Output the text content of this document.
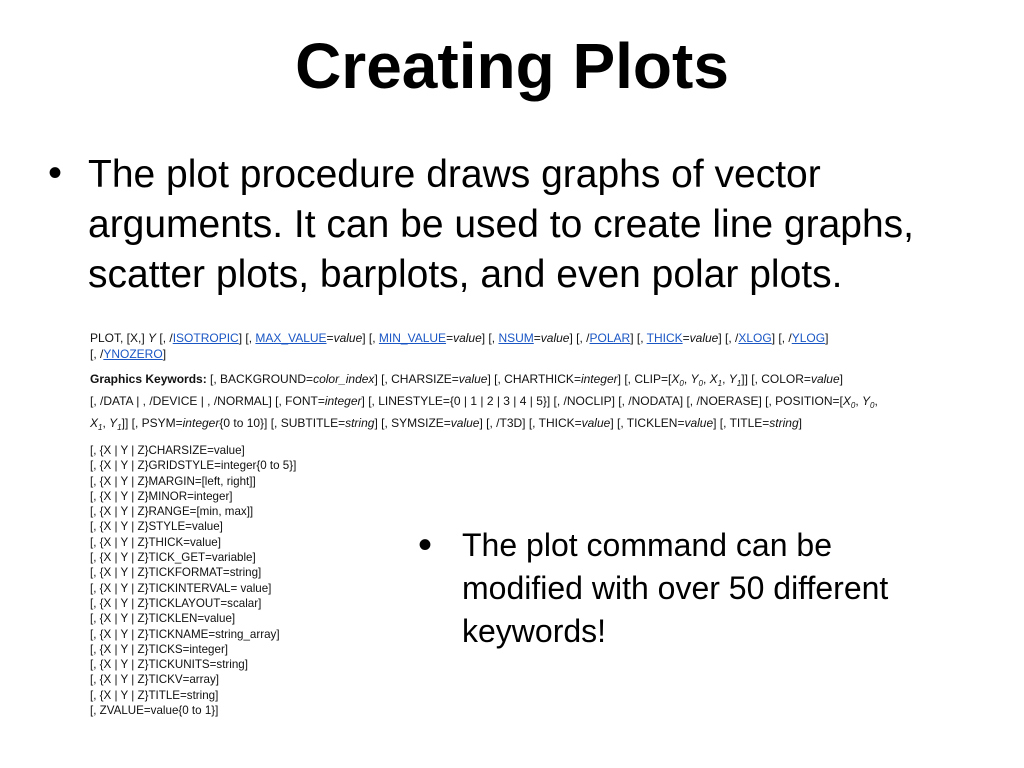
Creating Plots
• The plot procedure draws graphs of vector
arguments. It can be used to create line graphs,
scatter plots, barplots, and even polar plots.
PLOT, [X,] Y [, /ISOTROPIC] [, MAX_VALUE=value] [, MIN_VALUE=value] [, NSUM=value] [, /POLAR] [, THICK=value] [, /XLOG] [, /YLOG]
[, /YNOZERO]
Graphics Keywords: [, BACKGROUND=color_index] [, CHARSIZE=value] [, CHARTHICK=integer] [, $CLIP=[X_0$, $Y_0$, $X_1$, $Y_1$]] [, COLOR=value]
[, /DATA | , /DEVICE | , /NORMAL] [, FONT=integer] [, LINESTYLE={0 | 1 | 2 | 3 | 4 | 5}] [, /NOCLIP] [, /NODATA] [, /NOERASE] [, $POSITION=[X_0$, $Y_0$,
$X_1$, $Y_1$]] [, PSYM=integer{0 to 10}] [, SUBTITLE=string] [, SYMSIZE=value] [, /T3D] [, THICK=value] [, TICKLEN=value] [, TITLE=string]
[, {X | Y | Z}CHARSIZE=value]
[, {X | Y | Z}GRIDSTYLE=integer{0 to 5}]
[, {X | Y | Z}MARGIN=[left, right]]
[, {X | Y | Z}MINOR=integer]
[, {X | Y | Z}RANGE=[min, max]]
[, {X | Y | Z}STYLE=value]
[, {X | Y | Z}THICK=value]
[, {X | Y | Z}TICK_GET=variable]
[, {X | Y | Z}TICKFORMAT=string]
[, {X | Y | Z}TICKINTERVAL= value]
[, {X | Y | Z}TICKLAYOUT=scalar]
[, {X | Y | Z}TICKLEN=value]
[, {X | Y | Z}TICKNAME=string_array]
[, {X | Y | Z}TICKS=integer]
[, {X | Y | Z}TICKUNITS=string]
[, {X | Y | Z}TICKV=array]
[, {X | Y | Z}TITLE=string]
[, ZVALUE=value{0 to 1}]
• The plot command can be
modified with over 50 different
keywords!
